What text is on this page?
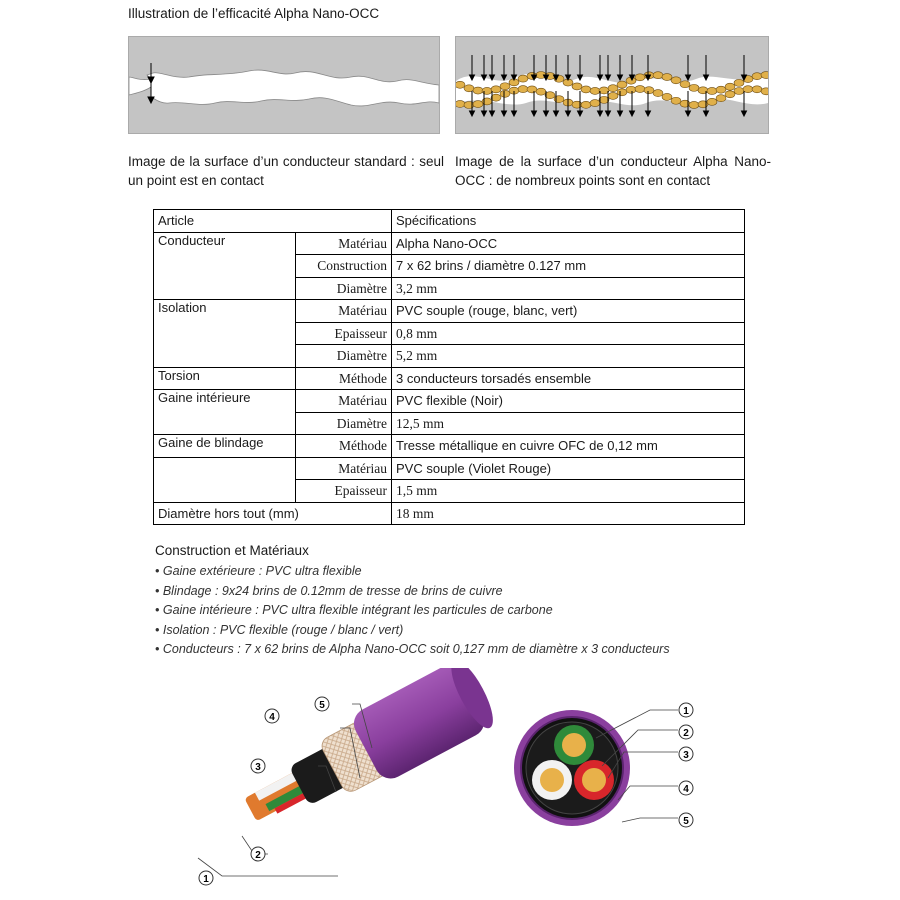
Illustration de l’efficacité Alpha Nano-OCC
Image de la surface d’un conducteur standard : seul un point est en contact
Image de la surface d’un conducteur Alpha Nano-OCC : de nombreux points sont en contact
Article		Spécifications
Conducteur	Matériau	Alpha Nano-OCC
	Construction	7 x 62 brins / diamètre 0.127 mm
	Diamètre	3,2 mm
Isolation	Matériau	PVC souple (rouge, blanc, vert)
	Epaisseur	0,8 mm
	Diamètre	5,2 mm
Torsion	Méthode	3 conducteurs torsadés ensemble
Gaine intérieure	Matériau	PVC flexible (Noir)
	Diamètre	12,5 mm
Gaine de blindage	Méthode	Tresse métallique en cuivre OFC de 0,12 mm
	Matériau	PVC souple (Violet Rouge)
	Epaisseur	1,5 mm
Diamètre hors tout (mm)		18 mm
Construction et Matériaux
• Gaine extérieure : PVC ultra flexible
• Blindage : 9x24 brins de 0.12mm de tresse de brins de cuivre
• Gaine intérieure : PVC ultra flexible intégrant les particules de carbone
• Isolation : PVC flexible (rouge / blanc / vert)
• Conducteurs : 7 x 62 brins de Alpha Nano-OCC soit 0,127 mm de diamètre x 3 conducteurs
5
4
3
2
1
1
2
3
4
5
